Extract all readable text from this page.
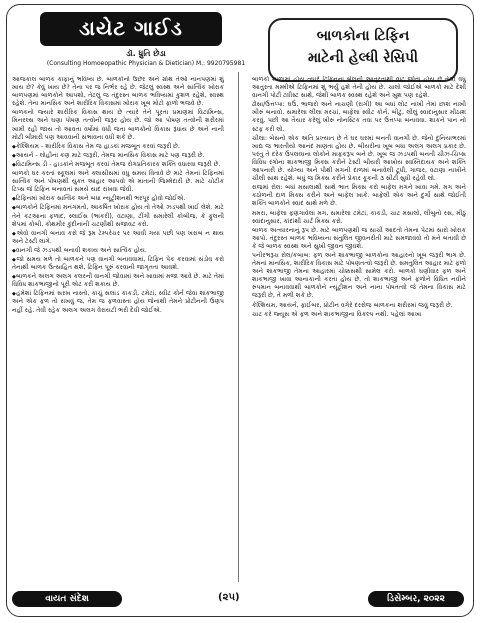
ડાયેટ ગાઈડ
ડૉ. ધ્રુતિ છેડા
(Consulting Homoeopathic Physician & Dietician) M.: 9920795981
બાળકોના ટિફિન
માટેની હેલ્ધી રેસિપી

આજકાલ બાળક કાફાનું ભવિષ્ય છે. બાળકોનો ઉછેર અને ગ્રોથ તેઓ નાનપણમાં શું ખાય છે? કેવું ખાય છે? તેના પર જ નિર્ભર રહે છે. જેટલું સ્વસ્થ અને સાત્વિક ખોરાક બાળપણમાં બાળકોને આપશો, તેટલું જ તંદુરસ્ત બાળક ભવિષ્યમાં કુશળ રહેશે, સ્વસ્થ રહેશે. તેના માનસિક અને શારીરિક વિકાસમાં ખોરાક ખૂબ મોટો ફાળો ભજવે છે.

બાળકનો જ્યારે શારીરિક વિકાસ થાય છે ત્યારે તેને પૂરતા પ્રમાણમાં વિટામિન્સ, મિનરલ્સ અને ઘણા પોષણ તત્વોની જરૂર હોય છે. જો આ પોષણ તત્વોની શરીરમાં ખામી રહી જાય તો આવતા વર્ષોમાં વધી જતા બાળકોનો વિકાસ રૂંધાય છે અને નાની મોટી બીમારી પણ આવવાની સંભાવના વધી શકે છે.

◆ કેલ્શિયમ - શારીરિક વિકાસ તેમ જ હાડકાં મજબૂત કરવાં જરૂરી છે.

◆ આયર્ન - લોહીના કણ માટે જરૂરી, તેમજ માનસિક વિકાસ માટે પણ જરૂરી છે.

◆ વિટામિન્સ ડી - હાડકાંને મજબૂત કરવાં તેમજ રોગપ્રતિકારક શક્તિ વધારવા જરૂરી છે.

બાળકો ઘર કરતાં સ્કૂલમાં અને ક્લાસીસમાં વધુ સમય વિતાવે છે માટે તેમનાં ટિફિનમાં સાત્વિક અને પોષણથી યુક્ત આહાર આપવો એ માતાની જિમ્મેદારી છે. માટે ચોટીક ટિપ્સ જે ટિફિન બનાવતાં સમયે યાદ રાખવા જેવી.

◆ ટિફિનમાં ખોરાક સાત્વિક અને બધા ન્યૂટ્રીશનથી ભરપૂર હોવો જોઈએ.

◆ બાળકોને ટિફિનમાં મનગમતો, આકર્ષિત ખોરાક હોય તો તેઓ ઝડપથી ખાઈ લેશે. માટે તેને કટઆના ફળાદ, સ્લાઈસ (ભાકરી), વટાણા, ટીંગી સમારેલી કોબીજ, કે ફુલની શેપમાં કોબી, કોથમીર કુંદીનાની ચટણીથી સજાવટ કરો.

◆ એવો વાનગી બનાવ કરો જે રૂમ ટેમ્પરેચર પર આવી ગયા પછી પણ ખરાબ ન થાય અને ટેસ્ટી લાગે.

◆ વાનગી જે ઝડપથી બનાવી શકાય અને સાત્વિક હોય.

◆ જો સમય મળે તો બાળકને પણ વાનગી બનાવવામાં, ટિફિન પેક કરવામાં સંડોવ કરો તેનાથી બાળક ઉત્સાહિત થશે, ટિફિન પૂરું કરવાની જાગૃતતા આવશે.

◆ બાળકને અલગ અલગ કલરની વાનગી જોવામાં અને ખાવામાં મજા આવે છે. માટે તેમાં વિવિધ શાકભાજીનો પૂરી એટ કરી શકાય છે.

◆ હંમેશાં ટિફિનમાં સરખ નાસ્તો, કાચું સલાડ કાકડી, ટમેટાં, સ્વીટ કોર્ન જેવા શાકભાજી અને એક ફળ તો રાખવું જ, તેમ જ ફળવાસ્તા હોય જેનાથી તેમને પ્રોટીનની ઉણપ નહીં રહે. તેવી રહેક અલગ અલગ વેરાયટી ભરી દેવી જોઈએ.

બાળકો શાળામાં હોય ત્યારે ટિફિનના બેલની આતુરતાથી વાટ જોતા હોય છે તેથી વધુ આતુરતા મમ્મીએ ટિફિનમાં શું ભર્યું હશે તેની હોય છે. ચાલો જોઈએ બાળકો માટે દેશી વાનગી પોટી ટ્વીસ્ટ સાથે, જેથી બાળક સ્વસ્થ રહેશે અને ખુશ પણ રહેશે.

ઢોંસા/ઉત્તપ્પા: ઘઉં, ભાજરો અને નાચણી (રાગી) આ બધાં લોટ નાખી તેમાં છાશ નાખી ખીરું બનાવો. સમારેલા લીલા મરચાં, બાફેલા સ્વીટ કોર્ન, બીટું, લીલું સ્વાદાનુસાર મીઠાશ કરવું. પછી આ તૈયાર કરેલું ખીરું નોનસ્ટિક તવા પર ઉત્તપ્પા બનાવવા. શાકને પાન નો સ્ટફ કરી લો.

ચીલા: બેસનો એક અતિ પ્રખ્યાત છે તે ઘર ઘરમાં બનતી વાનગી છે. જેનો દુનિયાભરમાં ખાદ્ય જ ભારતીયો આનંદ માણતા હોય છે. બીયરીના ખૂબ બધા અલગ અલગ પ્રકાર છે. પરંતુ તે દરેક ઉપલવ્ધના લોકોને માફકરૂપ બને છે. ખૂબ જ ઝડપથી બનતી ચીઝ-ચિપ્સ વિવિધ રંગોના શાકભાજી મિક્સ કરીને ટેસ્ટી બીયરી આખોય સ્વસ્તિદાયક અને શક્તિ આપનારી છે. યોગ્યા અને પીથી મગની દાળમાં બનાવેલી ટૂધી, ગાજર, વટાણા નાખીને ચીલી સાથ રહેશે. બધું જ મિક્સ કરીને પ્રેકાર કૂકની ૩ સીટી સુધી રહેવી લો.

રાજમાં રોલ: બધાં મસાલાથી સાથે ભાત મિક્સ કરો બાફેલ મગને ખાવા ગમે. મગ અને કઠોળની દાળ મિક્સ કરીને અને બાફેલ ખાકે. બાફેલી એક અને દુર્ગો સાથે જોઈતી શક્તિ બાળકોને સ્વાદ સાથે મળે છે.

મમરા, બાફેલા ફણગાવેલા મગ, સમારેલા ટમેટાં, કાકડી, ચાટ મસાલો, લીંબુનો રસ, મીઠું સ્વાદાનુસાર, કાંદાંથી ચાર્ટ મિક્સ કરો.

બાળક અત્યારનાનું રૂપ છે. માટે બાળપણથી જ સાચી આદતો તેમના પેટમાં સારો ખોરાક આપો. તંદુરસ્ત બાળક ભવિષ્યના સંતુલિત જીવનરીતી માટે સમજાવવો તો મને બતાવી છે કે જે બાળક સ્વસ્થ અને સુખી જીવન જીવશે.

પનીરભરૂચ રોલ/કબાબ: ફળ અને શાકભાજી બાળકોના આહારનો ખૂબ જરૂરી ભાગ છે. તેમનાં માનસિક, શારીરિક વિકાસ માટે પોષણતત્વો જરૂરી છે. સમતુલિત આહાર માટે ફળો અને શાકભાજી તેમના આહારમાં ચોક્કસથી સામેલ કરો. બાળકો ઘણીવાર ફળ અને શાકભાજી ખાવા આનાકાની કરતા હોય છે. તો શાકભાજી અને ફળોને વિધિત નવીને રુપમાન બનાવવાથી બાળકોને ન્યૂટ્રીશન અને નાના પોષતત્વો જે તેમના વિકાસ માટે જરૂરી છે, તે મળી શકે છે.

કેલ્શિયમ, આયર્ન, ફાઈબર, પ્રોટીન વગેરે દરરોજ બાળકના શરીરમાં જવું જરૂરી છે.

ચાટ કરે જ્યૂસ એ ફળ અને શાકભાજીના વિકલ્પ નથી. પહેલાં આખા

વાયત સંદેશ	(૨૫)	ડિસેમ્બર, ૨૦૨૨
